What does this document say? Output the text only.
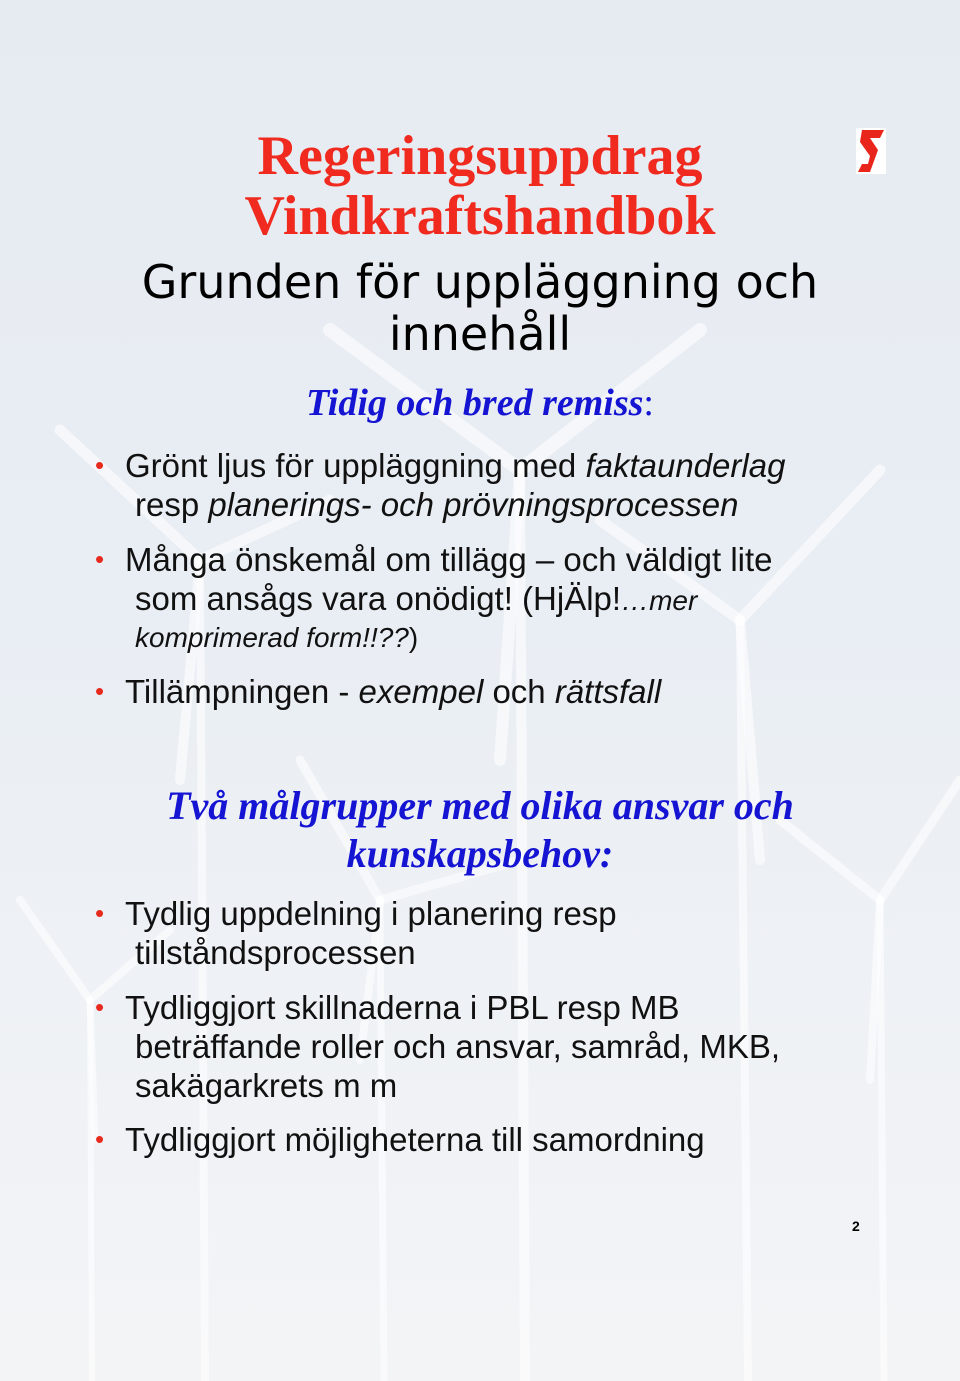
Regeringsuppdrag
Vindkraftshandbok
Grunden för uppläggning och
innehåll
Tidig och bred remiss:
• Grönt ljus för uppläggning med faktaunderlag
resp planerings- och prövningsprocessen
• Många önskemål om tillägg – och väldigt lite
som ansågs vara onödigt! (HjÄlp!…mer
komprimerad form!!??)
• Tillämpningen - exempel och rättsfall
Två målgrupper med olika ansvar och
kunskapsbehov:
• Tydlig uppdelning i planering resp
tillståndsprocessen
• Tydliggjort skillnaderna i PBL resp MB
beträffande roller och ansvar, samråd, MKB,
sakägarkrets m m
• Tydliggjort möjligheterna till samordning
2
